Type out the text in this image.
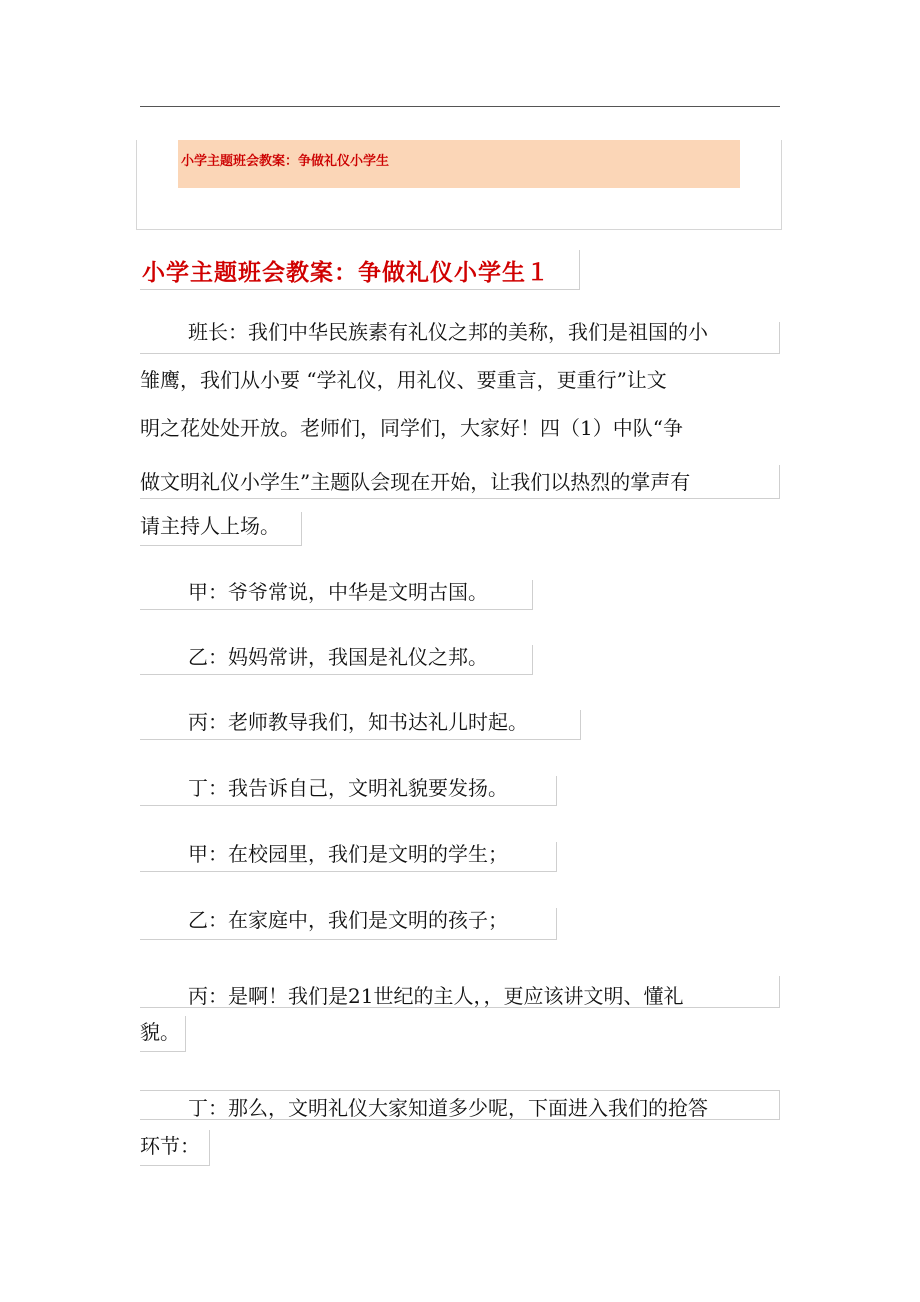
小学主题班会教案：争做礼仪小学生
小学主题班会教案：争做礼仪小学生１
班长：我们中华民族素有礼仪之邦的美称，我们是祖国的小
雏鹰，我们从小要 “学礼仪，用礼仪、要重言，更重行”让文
明之花处处开放。老师们，同学们，大家好！四（1）中队“争
做文明礼仪小学生”主题队会现在开始，让我们以热烈的掌声有
请主持人上场。
甲：爷爷常说，中华是文明古国。
乙：妈妈常讲，我国是礼仪之邦。
丙：老师教导我们，知书达礼儿时起。
丁：我告诉自己，文明礼貌要发扬。
甲：在校园里，我们是文明的学生；
乙：在家庭中，我们是文明的孩子；
丙：是啊！我们是21世纪的主人，，更应该讲文明、懂礼
貌。
丁：那么，文明礼仪大家知道多少呢，下面进入我们的抢答
环节：
